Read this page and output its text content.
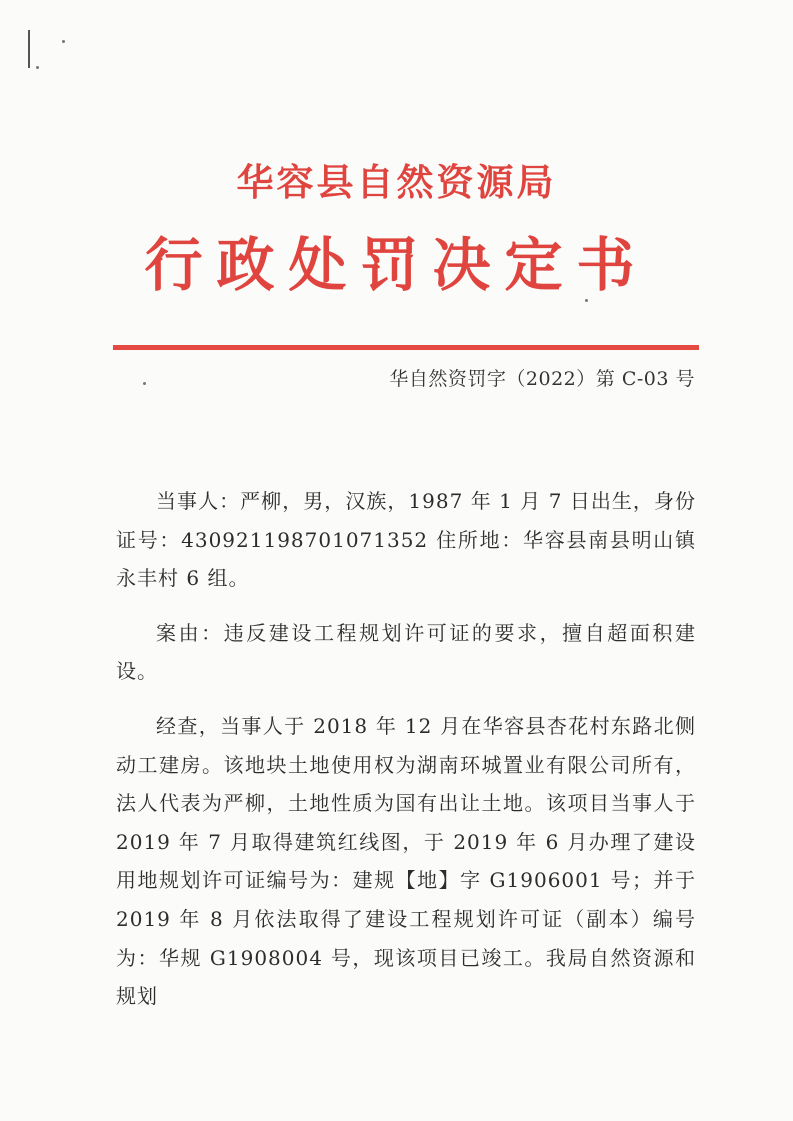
华容县自然资源局
行政处罚决定书
华自然资罚字（2022）第 C-03 号

当事人：严柳，男，汉族，1987 年 1 月 7 日出生，身份证号：430921198701071352 住所地：华容县南县明山镇永丰村 6 组。

案由：违反建设工程规划许可证的要求，擅自超面积建设。

经查，当事人于 2018 年 12 月在华容县杏花村东路北侧动工建房。该地块土地使用权为湖南环城置业有限公司所有，法人代表为严柳，土地性质为国有出让土地。该项目当事人于 2019 年 7 月取得建筑红线图，于 2019 年 6 月办理了建设用地规划许可证编号为：建规【地】字 G1906001 号；并于 2019 年 8 月依法取得了建设工程规划许可证（副本）编号为：华规 G1908004 号，现该项目已竣工。我局自然资源和规划
